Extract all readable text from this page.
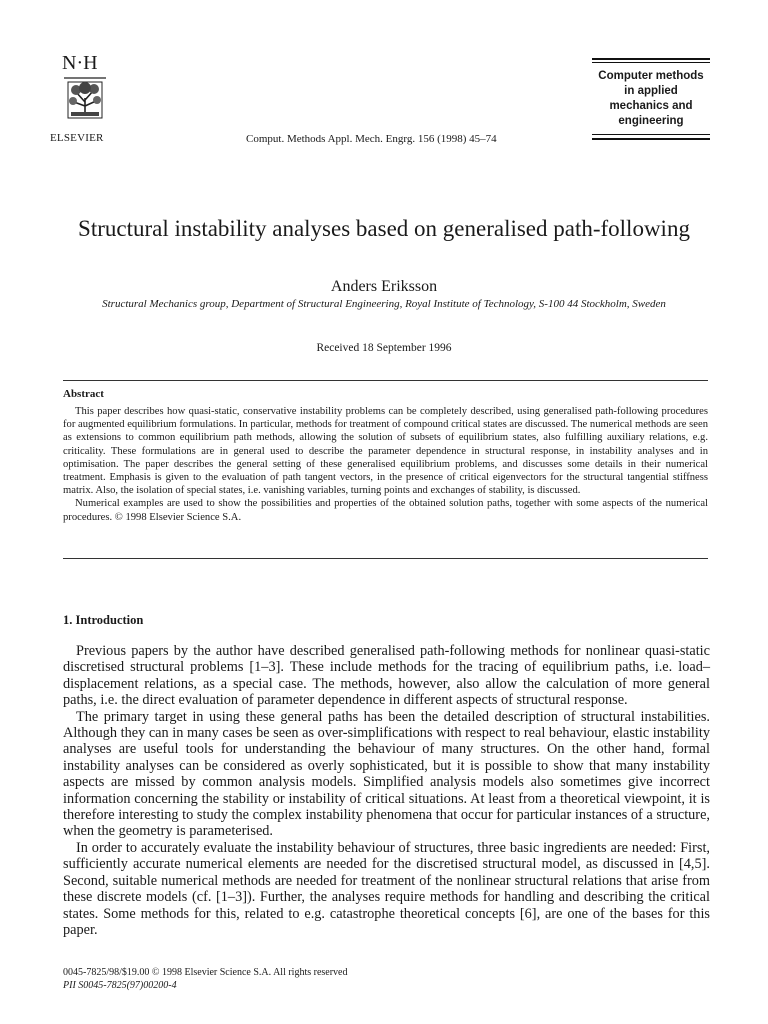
N·H
ELSEVIER	Comput. Methods Appl. Mech. Engrg. 156 (1998) 45–74
Computer methods
in applied
mechanics and
engineering
Structural instability analyses based on generalised path-following
Anders Eriksson
Structural Mechanics group, Department of Structural Engineering, Royal Institute of Technology, S-100 44 Stockholm, Sweden
Received 18 September 1996
Abstract

This paper describes how quasi-static, conservative instability problems can be completely described, using generalised path-following procedures for augmented equilibrium formulations. In particular, methods for treatment of compound critical states are discussed. The numerical methods are seen as extensions to common equilibrium path methods, allowing the solution of subsets of equilibrium states, also fulfilling auxiliary relations, e.g. criticality. These formulations are in general used to describe the parameter dependence in structural response, in instability analyses and in optimisation. The paper describes the general setting of these generalised equilibrium problems, and discusses some details in their numerical treatment. Emphasis is given to the evaluation of path tangent vectors, in the presence of critical eigenvectors for the structural tangential stiffness matrix. Also, the isolation of special states, i.e. vanishing variables, turning points and exchanges of stability, is discussed.

Numerical examples are used to show the possibilities and properties of the obtained solution paths, together with some aspects of the numerical procedures. © 1998 Elsevier Science S.A.

1. Introduction

Previous papers by the author have described generalised path-following methods for nonlinear quasi-static discretised structural problems [1–3]. These include methods for the tracing of equilibrium paths, i.e. load–displacement relations, as a special case. The methods, however, also allow the calculation of more general paths, i.e. the direct evaluation of parameter dependence in different aspects of structural response.

The primary target in using these general paths has been the detailed description of structural instabilities. Although they can in many cases be seen as over-simplifications with respect to real behaviour, elastic instability analyses are useful tools for understanding the behaviour of many structures. On the other hand, formal instability analyses can be considered as overly sophisticated, but it is possible to show that many instability aspects are missed by common analysis models. Simplified analysis models also sometimes give incorrect information concerning the stability or instability of critical situations. At least from a theoretical viewpoint, it is therefore interesting to study the complex instability phenomena that occur for particular instances of a structure, when the geometry is parameterised.

In order to accurately evaluate the instability behaviour of structures, three basic ingredients are needed: First, sufficiently accurate numerical elements are needed for the discretised structural model, as discussed in [4,5]. Second, suitable numerical methods are needed for treatment of the nonlinear structural relations that arise from these discrete models (cf. [1–3]). Further, the analyses require methods for handling and describing the critical states. Some methods for this, related to e.g. catastrophe theoretical concepts [6], are one of the bases for this paper.

0045-7825/98/$19.00 © 1998 Elsevier Science S.A. All rights reserved
PII S0045-7825(97)00200-4
